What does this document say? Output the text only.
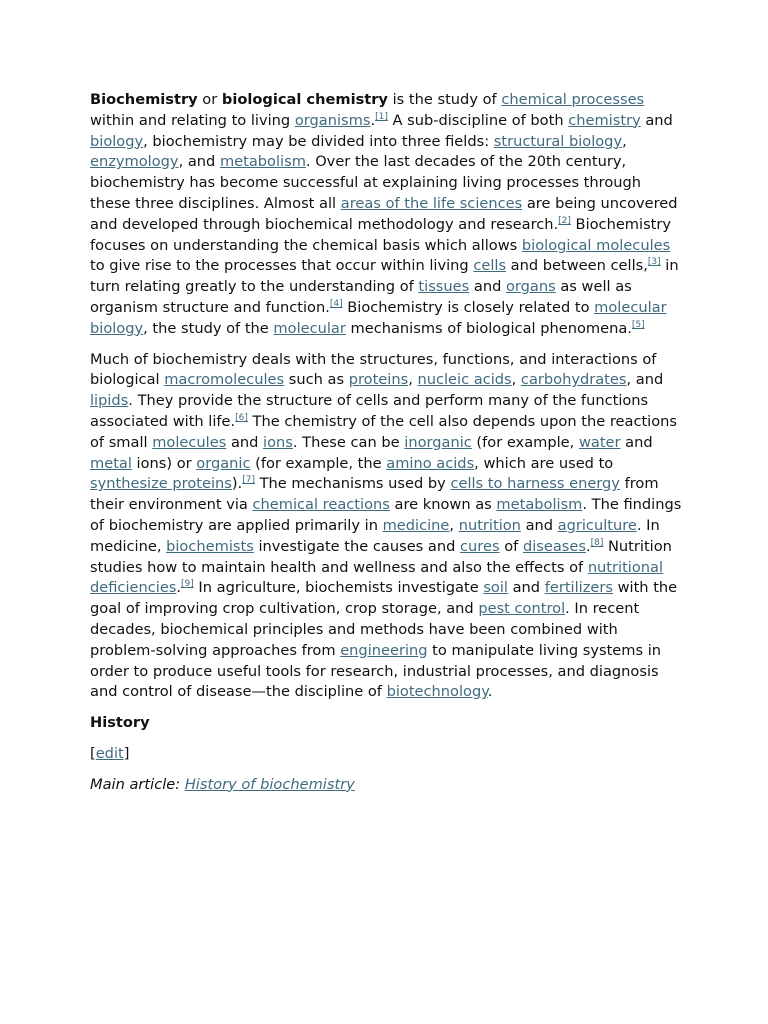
Biochemistry or biological chemistry is the study of chemical processes within and relating to living organisms.[1] A sub-discipline of both chemistry and biology, biochemistry may be divided into three fields: structural biology, enzymology, and metabolism. Over the last decades of the 20th century, biochemistry has become successful at explaining living processes through these three disciplines. Almost all areas of the life sciences are being uncovered and developed through biochemical methodology and research.[2] Biochemistry focuses on understanding the chemical basis which allows biological molecules to give rise to the processes that occur within living cells and between cells,[3] in turn relating greatly to the understanding of tissues and organs as well as organism structure and function.[4] Biochemistry is closely related to molecular biology, the study of the molecular mechanisms of biological phenomena.[5]

Much of biochemistry deals with the structures, functions, and interactions of biological macromolecules such as proteins, nucleic acids, carbohydrates, and lipids. They provide the structure of cells and perform many of the functions associated with life.[6] The chemistry of the cell also depends upon the reactions of small molecules and ions. These can be inorganic (for example, water and metal ions) or organic (for example, the amino acids, which are used to synthesize proteins).[7] The mechanisms used by cells to harness energy from their environment via chemical reactions are known as metabolism. The findings of biochemistry are applied primarily in medicine, nutrition and agriculture. In medicine, biochemists investigate the causes and cures of diseases.[8] Nutrition studies how to maintain health and wellness and also the effects of nutritional deficiencies.[9] In agriculture, biochemists investigate soil and fertilizers with the goal of improving crop cultivation, crop storage, and pest control. In recent decades, biochemical principles and methods have been combined with problem-solving approaches from engineering to manipulate living systems in order to produce useful tools for research, industrial processes, and diagnosis and control of disease—the discipline of biotechnology.

History
[edit]
Main article: History of biochemistry
